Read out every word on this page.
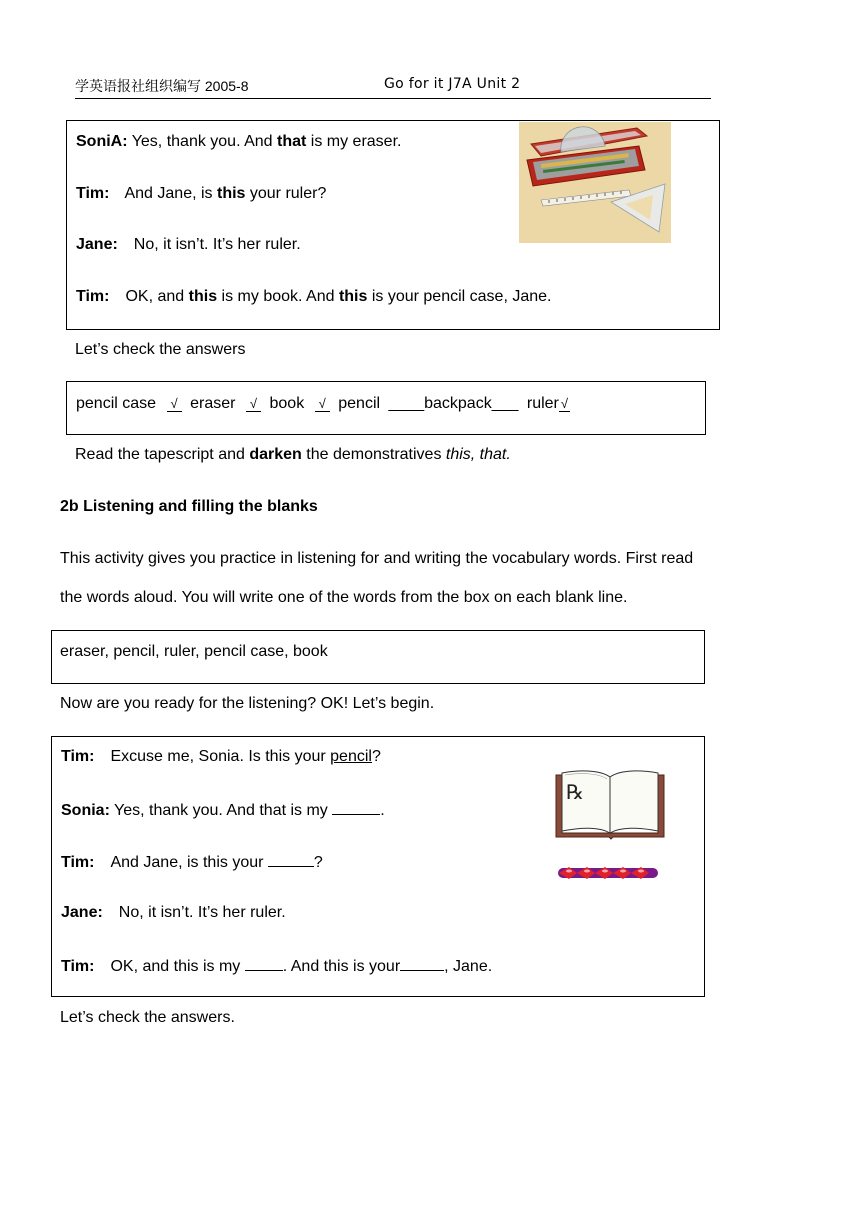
学英语报社组织编写 2005-8	Go for it J7A Unit 2
SoniA: Yes, thank you. And that is my eraser.
Tim: And Jane, is this your ruler?
Jane: No, it isn’t. It’s her ruler.
Tim: OK, and this is my book. And this is your pencil case, Jane.
Let’s check the answers
pencil case √ eraser √ book √ pencil ____backpack___ ruler √
Read the tapescript and darken the demonstratives this, that.
2b Listening and filling the blanks
This activity gives you practice in listening for and writing the vocabulary words. First read
the words aloud. You will write one of the words from the box on each blank line.
eraser, pencil, ruler, pencil case, book
Now are you ready for the listening? OK! Let’s begin.
Tim: Excuse me, Sonia. Is this your pencil?
Sonia: Yes, thank you. And that is my	.
Tim: And Jane, is this your	?
Jane: No, it isn’t. It’s her ruler.
Tim: OK, and this is my . And this is your	, Jane.
℞
Let’s check the answers.
